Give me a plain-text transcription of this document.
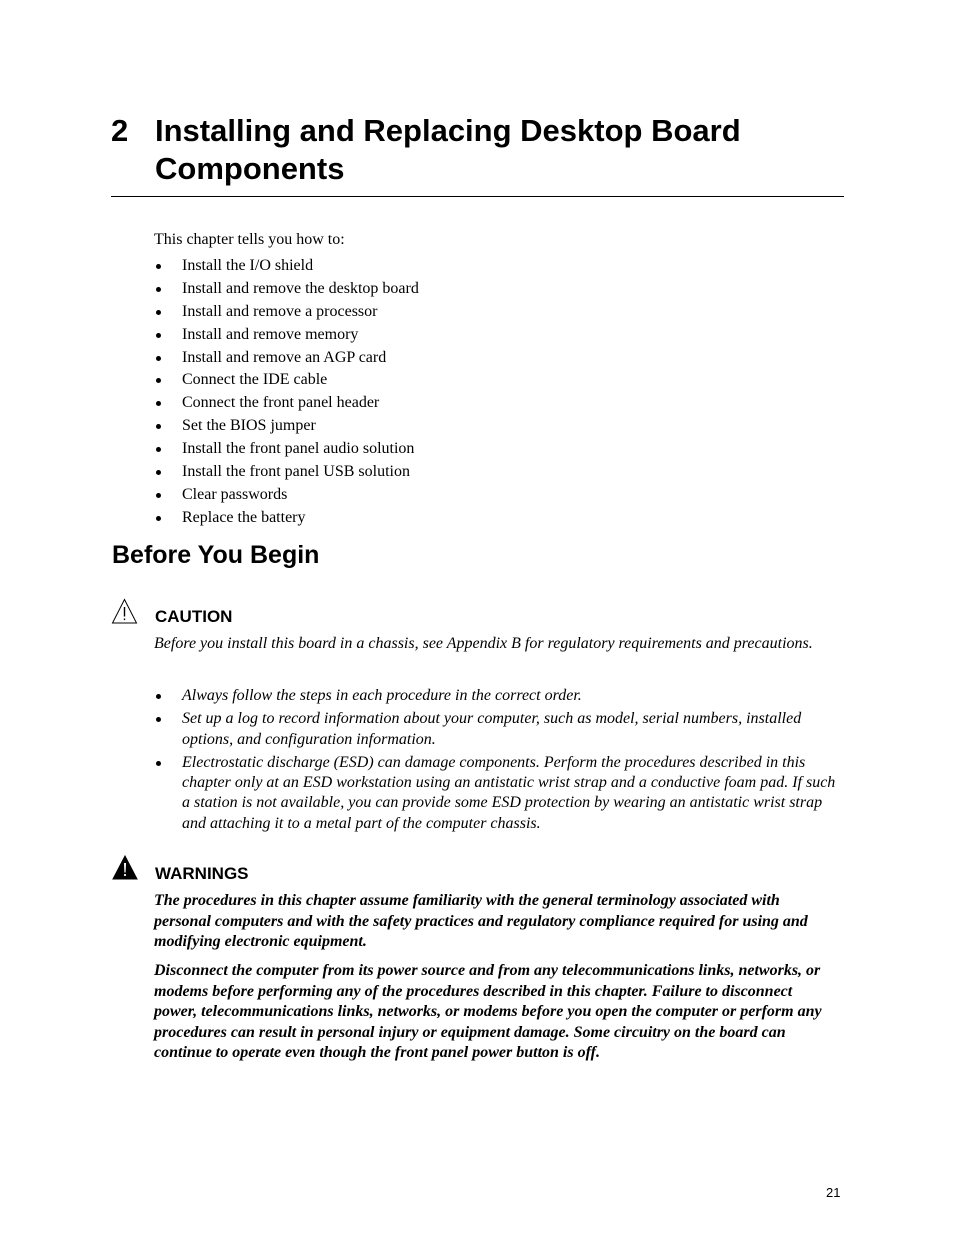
2 Installing and Replacing Desktop Board Components
This chapter tells you how to:
Install the I/O shield
Install and remove the desktop board
Install and remove a processor
Install and remove memory
Install and remove an AGP card
Connect the IDE cable
Connect the front panel header
Set the BIOS jumper
Install the front panel audio solution
Install the front panel USB solution
Clear passwords
Replace the battery
Before You Begin
CAUTION
Before you install this board in a chassis, see Appendix B for regulatory requirements and precautions.
Always follow the steps in each procedure in the correct order.
Set up a log to record information about your computer, such as model, serial numbers, installed options, and configuration information.
Electrostatic discharge (ESD) can damage components. Perform the procedures described in this chapter only at an ESD workstation using an antistatic wrist strap and a conductive foam pad. If such a station is not available, you can provide some ESD protection by wearing an antistatic wrist strap and attaching it to a metal part of the computer chassis.
WARNINGS
The procedures in this chapter assume familiarity with the general terminology associated with personal computers and with the safety practices and regulatory compliance required for using and modifying electronic equipment.
Disconnect the computer from its power source and from any telecommunications links, networks, or modems before performing any of the procedures described in this chapter. Failure to disconnect power, telecommunications links, networks, or modems before you open the computer or perform any procedures can result in personal injury or equipment damage. Some circuitry on the board can continue to operate even though the front panel power button is off.
21
